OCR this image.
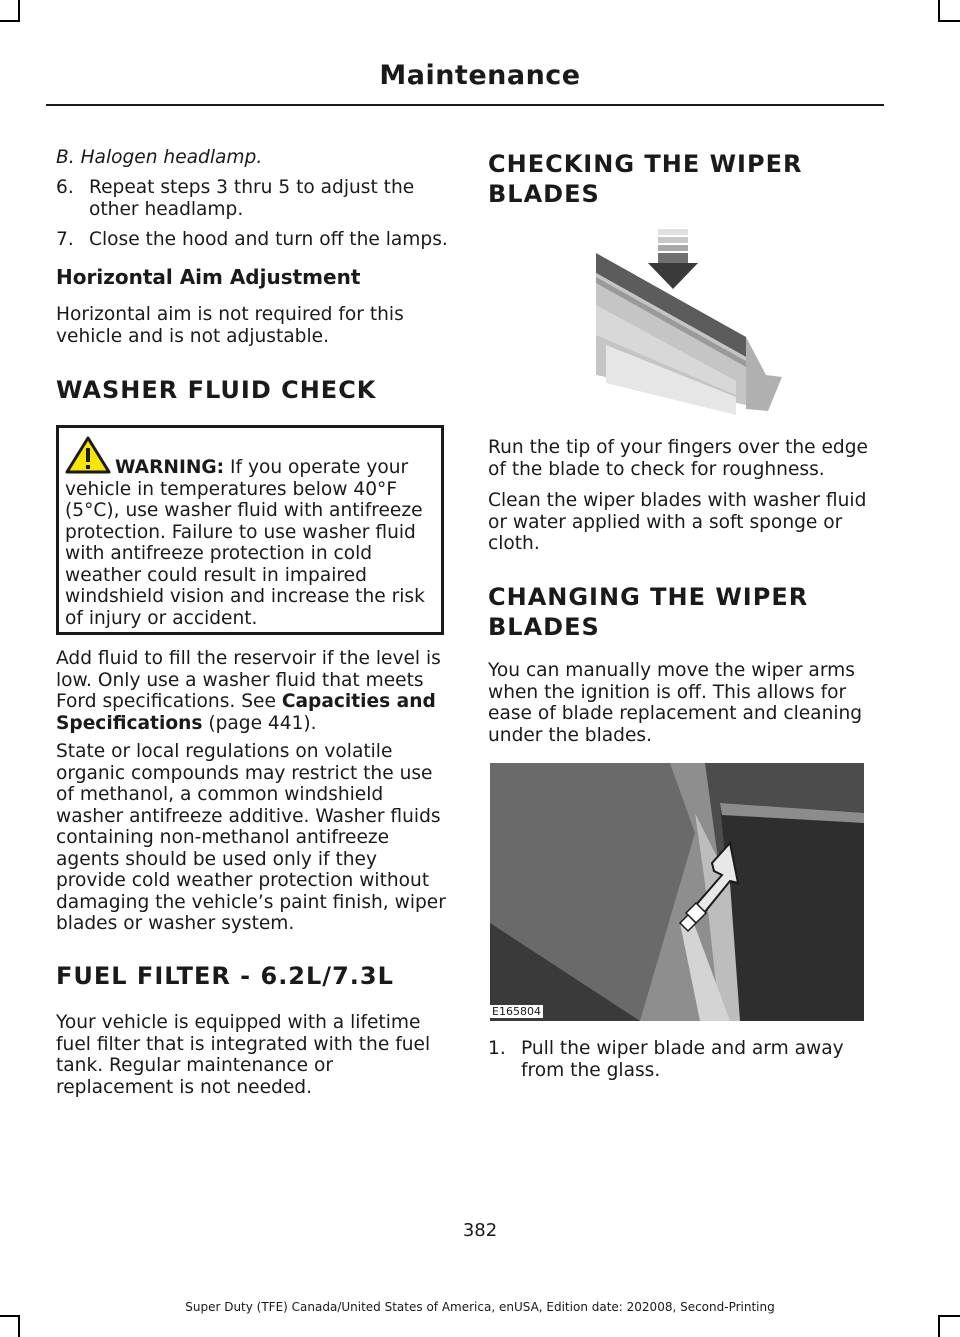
Maintenance
B. Halogen headlamp.
6. Repeat steps 3 thru 5 to adjust the other headlamp.
7. Close the hood and turn off the lamps.
Horizontal Aim Adjustment
Horizontal aim is not required for this vehicle and is not adjustable.
WASHER FLUID CHECK
WARNING: If you operate your vehicle in temperatures below 40°F (5°C), use washer fluid with antifreeze protection. Failure to use washer fluid with antifreeze protection in cold weather could result in impaired windshield vision and increase the risk of injury or accident.
Add fluid to fill the reservoir if the level is low. Only use a washer fluid that meets Ford specifications. See Capacities and Specifications (page 441).
State or local regulations on volatile organic compounds may restrict the use of methanol, a common windshield washer antifreeze additive. Washer fluids containing non-methanol antifreeze agents should be used only if they provide cold weather protection without damaging the vehicle’s paint finish, wiper blades or washer system.
FUEL FILTER - 6.2L/7.3L
Your vehicle is equipped with a lifetime fuel filter that is integrated with the fuel tank. Regular maintenance or replacement is not needed.
CHECKING THE WIPER
BLADES
Run the tip of your fingers over the edge of the blade to check for roughness.
Clean the wiper blades with washer fluid or water applied with a soft sponge or cloth.
CHANGING THE WIPER
BLADES
You can manually move the wiper arms when the ignition is off. This allows for ease of blade replacement and cleaning under the blades.
E165804
1. Pull the wiper blade and arm away from the glass.
382
Super Duty (TFE) Canada/United States of America, enUSA, Edition date: 202008, Second-Printing
